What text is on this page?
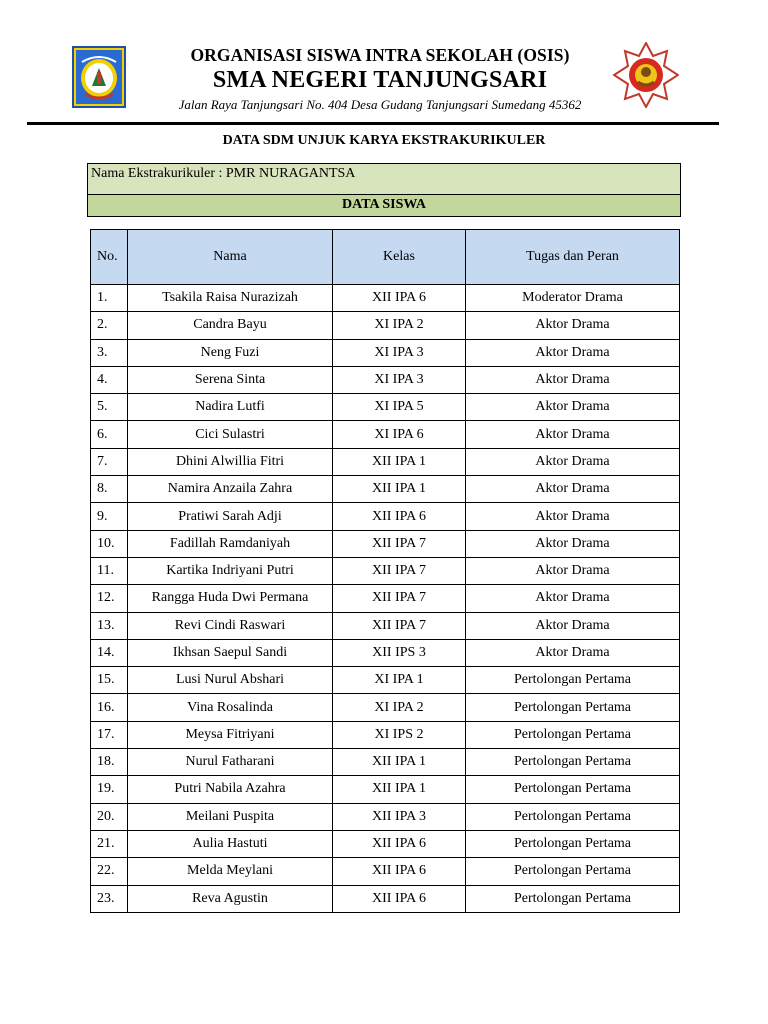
ORGANISASI SISWA INTRA SEKOLAH (OSIS)
SMA NEGERI TANJUNGSARI
Jalan Raya Tanjungsari No. 404 Desa Gudang Tanjungsari Sumedang 45362
DATA SDM UNJUK KARYA EKSTRAKURIKULER
Nama Ekstrakurikuler : PMR NURAGANTSA
DATA SISWA
No.	Nama	Kelas	Tugas dan Peran
1.	Tsakila Raisa Nurazizah	XII IPA 6	Moderator Drama
2.	Candra Bayu	XI IPA 2	Aktor Drama
3.	Neng Fuzi	XI IPA 3	Aktor Drama
4.	Serena Sinta	XI IPA 3	Aktor Drama
5.	Nadira Lutfi	XI IPA 5	Aktor Drama
6.	Cici Sulastri	XI IPA 6	Aktor Drama
7.	Dhini Alwillia Fitri	XII IPA 1	Aktor Drama
8.	Namira Anzaila Zahra	XII IPA 1	Aktor Drama
9.	Pratiwi Sarah Adji	XII IPA 6	Aktor Drama
10.	Fadillah Ramdaniyah	XII IPA 7	Aktor Drama
11.	Kartika Indriyani Putri	XII IPA 7	Aktor Drama
12.	Rangga Huda Dwi Permana	XII IPA 7	Aktor Drama
13.	Revi Cindi Raswari	XII IPA 7	Aktor Drama
14.	Ikhsan Saepul Sandi	XII IPS 3	Aktor Drama
15.	Lusi Nurul Abshari	XI IPA 1	Pertolongan Pertama
16.	Vina Rosalinda	XI IPA 2	Pertolongan Pertama
17.	Meysa Fitriyani	XI IPS 2	Pertolongan Pertama
18.	Nurul Fatharani	XII IPA 1	Pertolongan Pertama
19.	Putri Nabila Azahra	XII IPA 1	Pertolongan Pertama
20.	Meilani Puspita	XII IPA 3	Pertolongan Pertama
21.	Aulia Hastuti	XII IPA 6	Pertolongan Pertama
22.	Melda Meylani	XII IPA 6	Pertolongan Pertama
23.	Reva Agustin	XII IPA 6	Pertolongan Pertama
